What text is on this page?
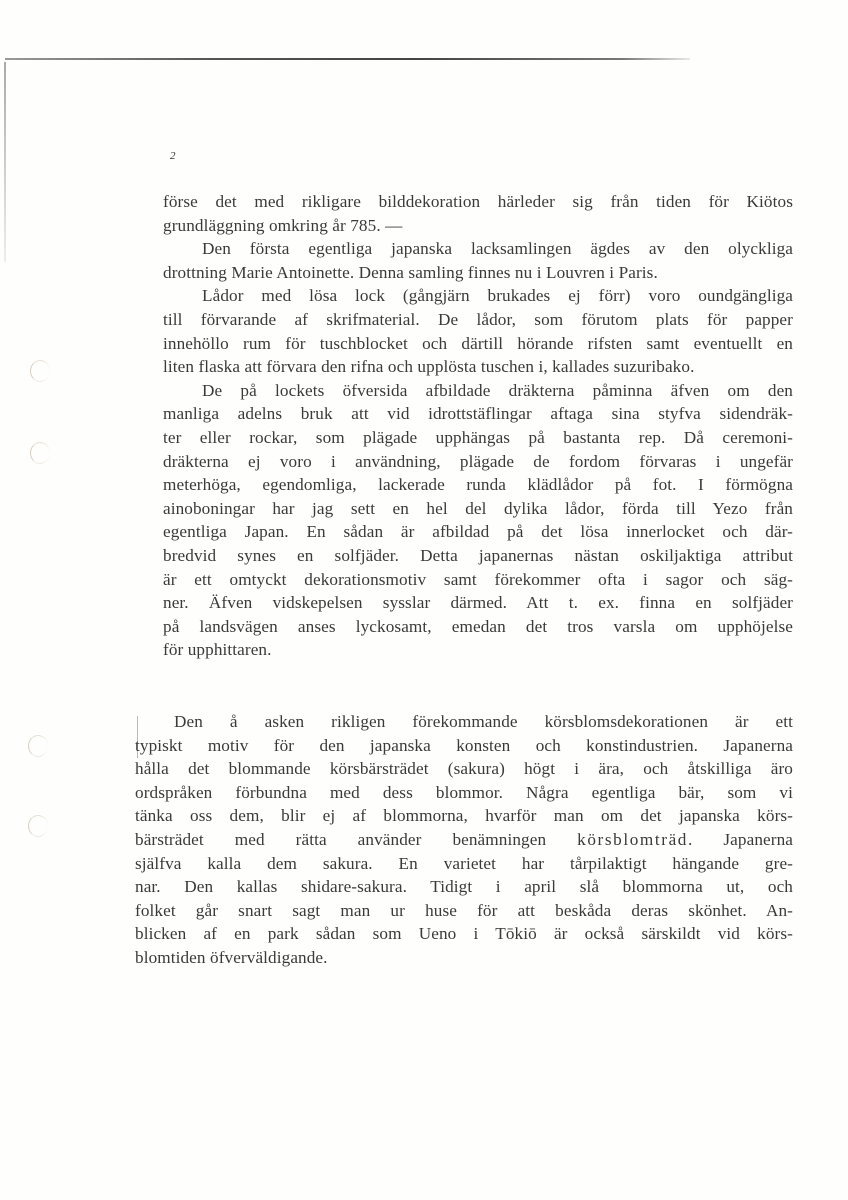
2
förse det med rikligare bilddekoration härleder sig från tiden för Kiötos
grundläggning omkring år 785. —
Den första egentliga japanska lacksamlingen ägdes av den olyckliga
drottning Marie Antoinette. Denna samling finnes nu i Louvren i Paris.
Lådor med lösa lock (gångjärn brukades ej förr) voro oundgängliga
till förvarande af skrifmaterial. De lådor, som förutom plats för papper
innehöllo rum för tuschblocket och därtill hörande rifsten samt eventuellt en
liten flaska att förvara den rifna och upplösta tuschen i, kallades suzuribako.
De på lockets öfversida afbildade dräkterna påminna äfven om den
manliga adelns bruk att vid idrottstäflingar aftaga sina styfva sidendräk-
ter eller rockar, som plägade upphängas på bastanta rep. Då ceremoni-
dräkterna ej voro i användning, plägade de fordom förvaras i ungefär
meterhöga, egendomliga, lackerade runda klädlådor på fot. I förmögna
ainoboningar har jag sett en hel del dylika lådor, förda till Yezo från
egentliga Japan. En sådan är afbildad på det lösa innerlocket och där-
bredvid synes en solfjäder. Detta japanernas nästan oskiljaktiga attribut
är ett omtyckt dekorationsmotiv samt förekommer ofta i sagor och säg-
ner. Äfven vidskepelsen sysslar därmed. Att t. ex. finna en solfjäder
på landsvägen anses lyckosamt, emedan det tros varsla om upphöjelse
för upphittaren.
Den å asken rikligen förekommande körsblomsdekorationen är ett
typiskt motiv för den japanska konsten och konstindustrien. Japanerna
hålla det blommande körsbärsträdet (sakura) högt i ära, och åtskilliga äro
ordspråken förbundna med dess blommor. Några egentliga bär, som vi
tänka oss dem, blir ej af blommorna, hvarför man om det japanska körs-
bärsträdet med rätta använder benämningen körsblomträd. Japanerna
själfva kalla dem sakura. En varietet har tårpilaktigt hängande gre-
nar. Den kallas shidare-sakura. Tidigt i april slå blommorna ut, och
folket går snart sagt man ur huse för att beskåda deras skönhet. An-
blicken af en park sådan som Ueno i Tōkiō är också särskildt vid körs-
blomtiden öfverväldigande.
